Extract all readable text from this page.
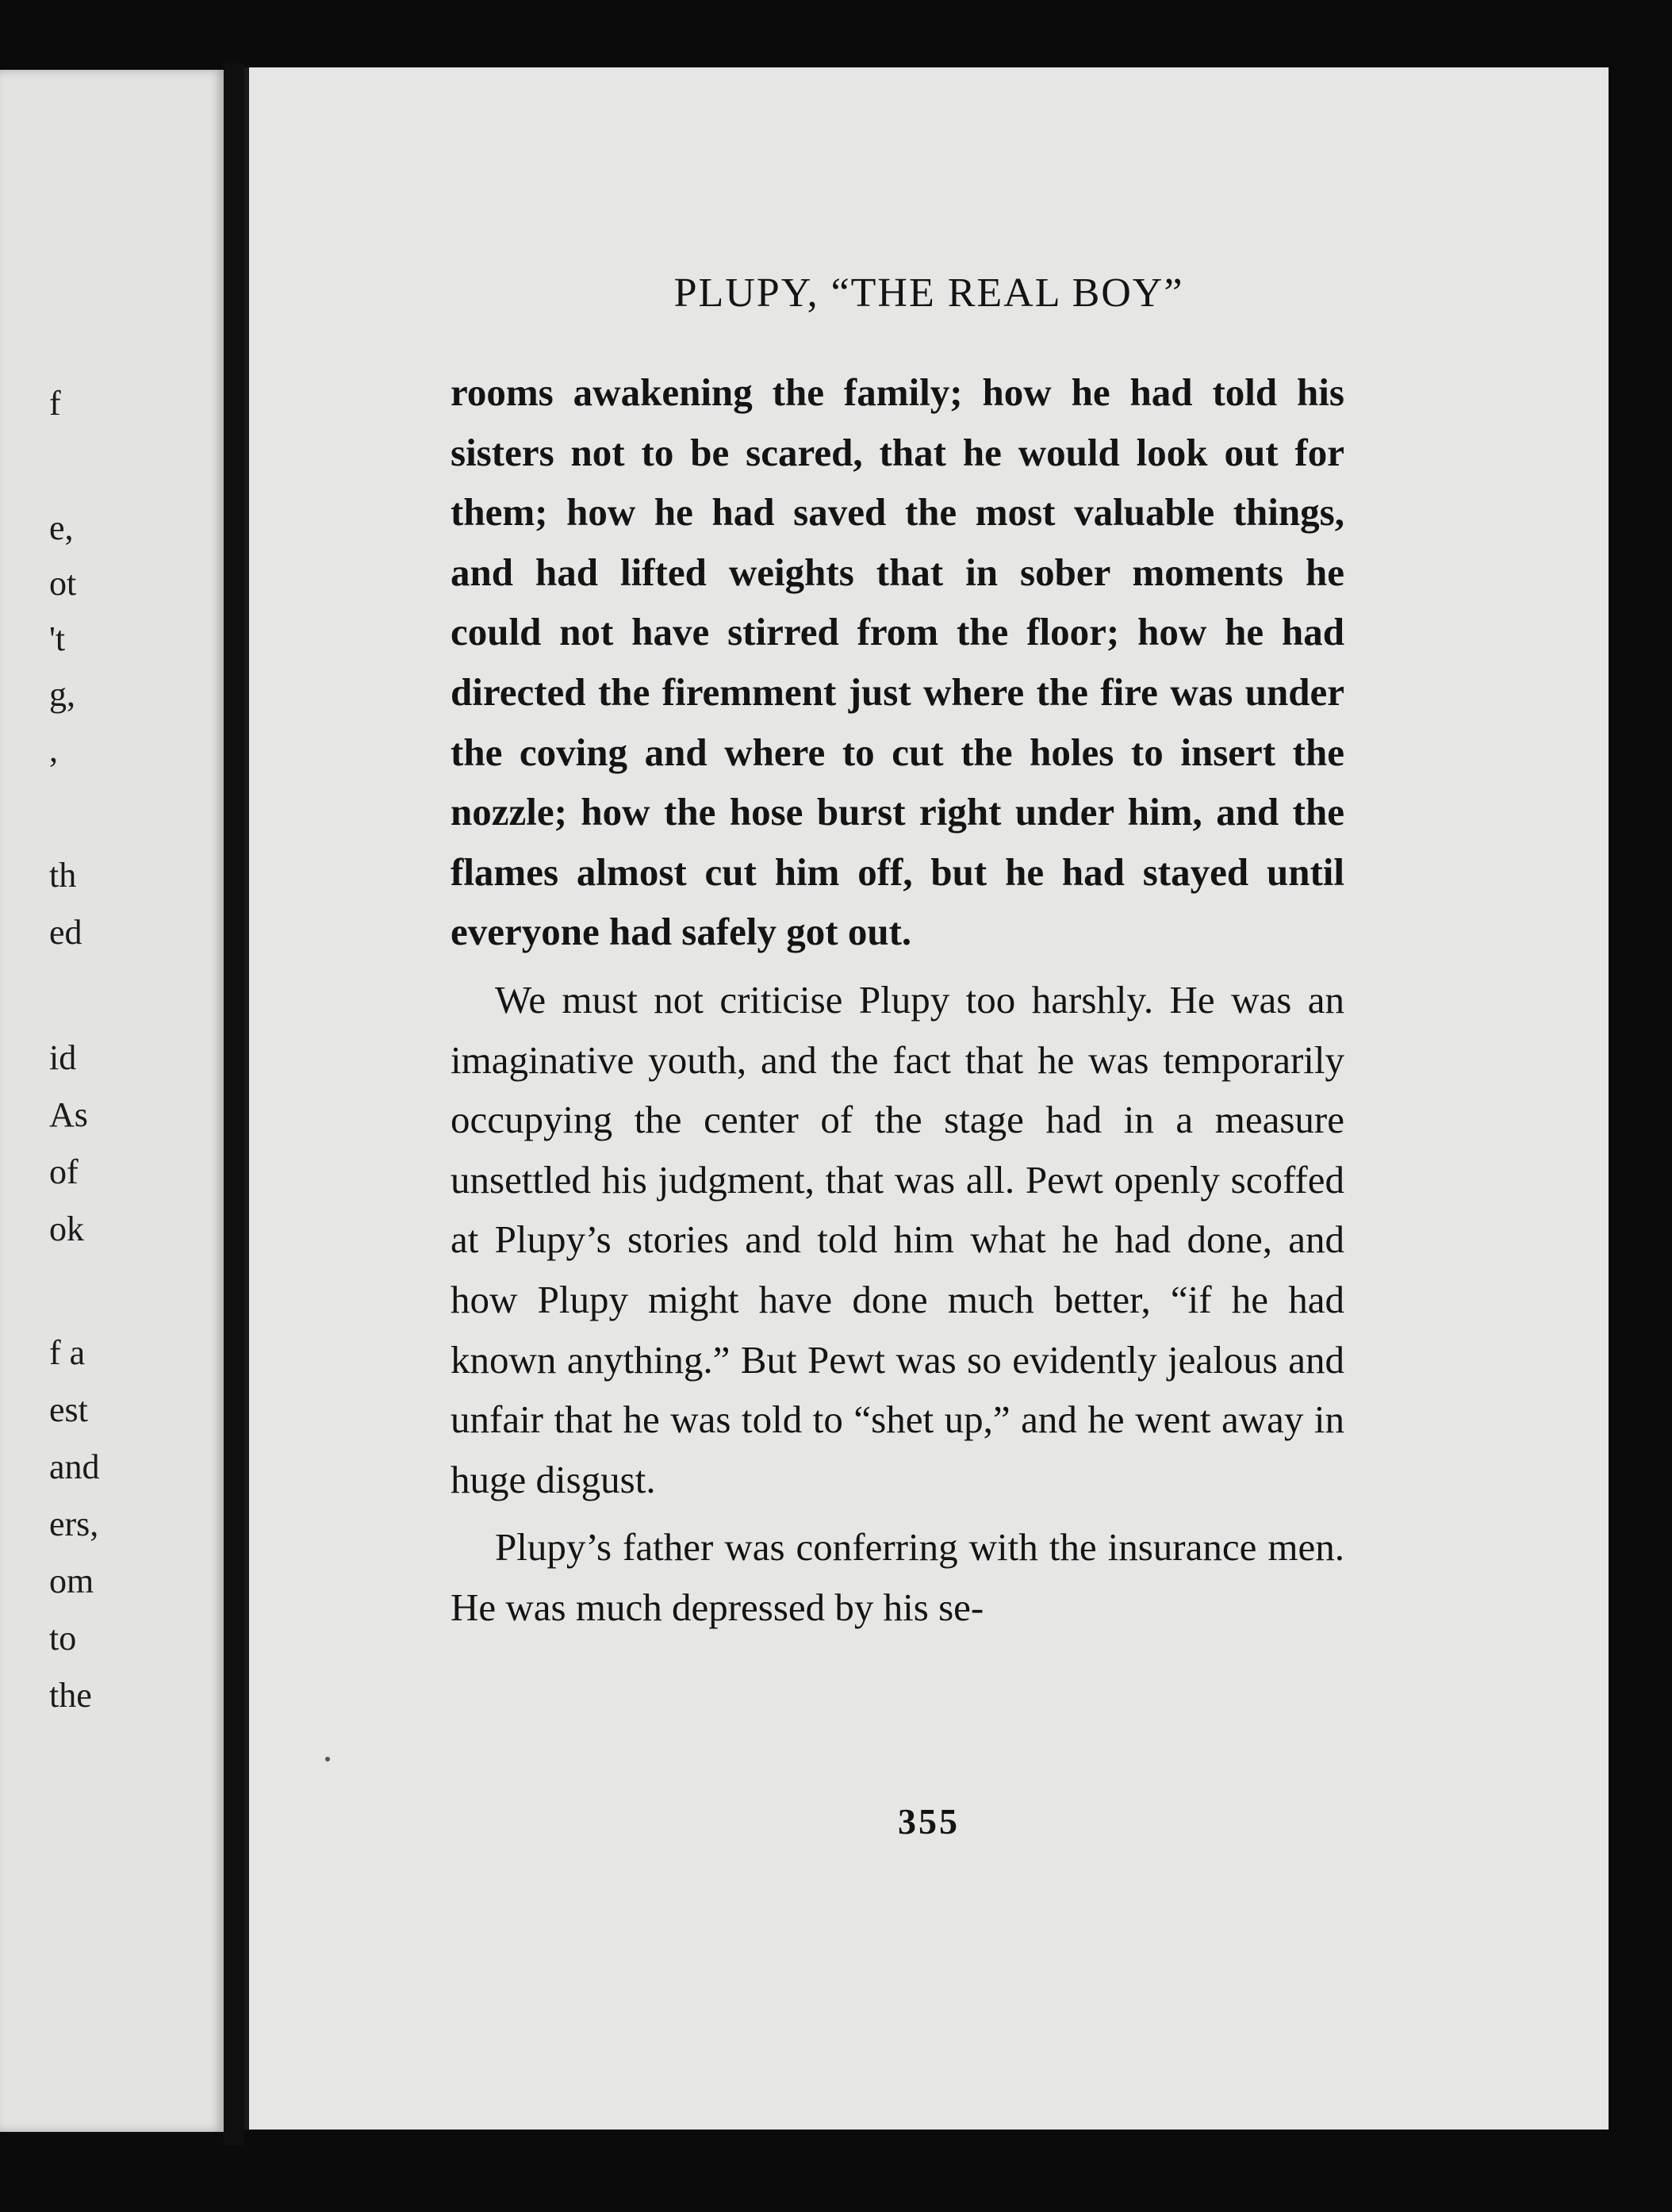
f
e,
ot
't
g,
,
th
ed
id
As
of
ok
f a
est
and
ers,
om
to
the
PLUPY, “THE REAL BOY”

rooms awakening the family; how he had told his sisters not to be scared, that he would look out for them; how he had saved the most valuable things, and had lifted weights that in sober moments he could not have stirred from the floor; how he had directed the firemment just where the fire was under the coving and where to cut the holes to insert the nozzle; how the hose burst right under him, and the flames almost cut him off, but he had stayed until everyone had safely got out.

We must not criticise Plupy too harshly. He was an imaginative youth, and the fact that he was temporarily occupying the center of the stage had in a measure unsettled his judgment, that was all. Pewt openly scoffed at Plupy’s stories and told him what he had done, and how Plupy might have done much better, “if he had known anything.” But Pewt was so evidently jealous and unfair that he was told to “shet up,” and he went away in huge disgust.

Plupy’s father was conferring with the insurance men. He was much depressed by his se-

355
